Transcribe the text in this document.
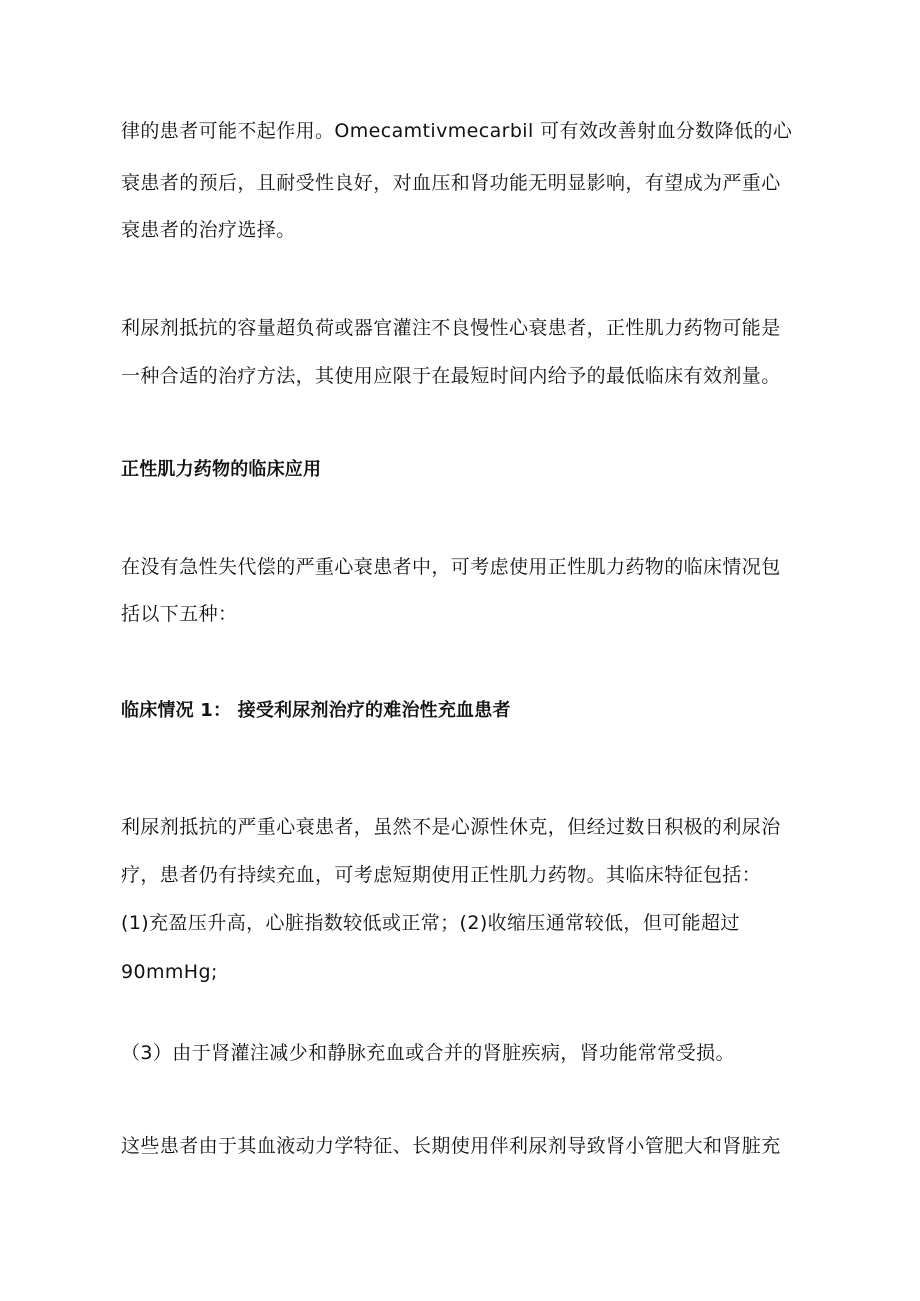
律的患者可能不起作用。Omecamtivmecarbil 可有效改善射血分数降低的心
衰患者的预后，且耐受性良好，对血压和肾功能无明显影响，有望成为严重心
衰患者的治疗选择。
利尿剂抵抗的容量超负荷或器官灌注不良慢性心衰患者，正性肌力药物可能是
一种合适的治疗方法，其使用应限于在最短时间内给予的最低临床有效剂量。
正性肌力药物的临床应用
在没有急性失代偿的严重心衰患者中，可考虑使用正性肌力药物的临床情况包
括以下五种：
临床情况 1： 接受利尿剂治疗的难治性充血患者
利尿剂抵抗的严重心衰患者，虽然不是心源性休克，但经过数日积极的利尿治
疗，患者仍有持续充血，可考虑短期使用正性肌力药物。其临床特征包括：
(1)充盈压升高，心脏指数较低或正常；(2)收缩压通常较低，但可能超过
90mmHg;
（3）由于肾灌注减少和静脉充血或合并的肾脏疾病，肾功能常常受损。
这些患者由于其血液动力学特征、长期使用伴利尿剂导致肾小管肥大和肾脏充
